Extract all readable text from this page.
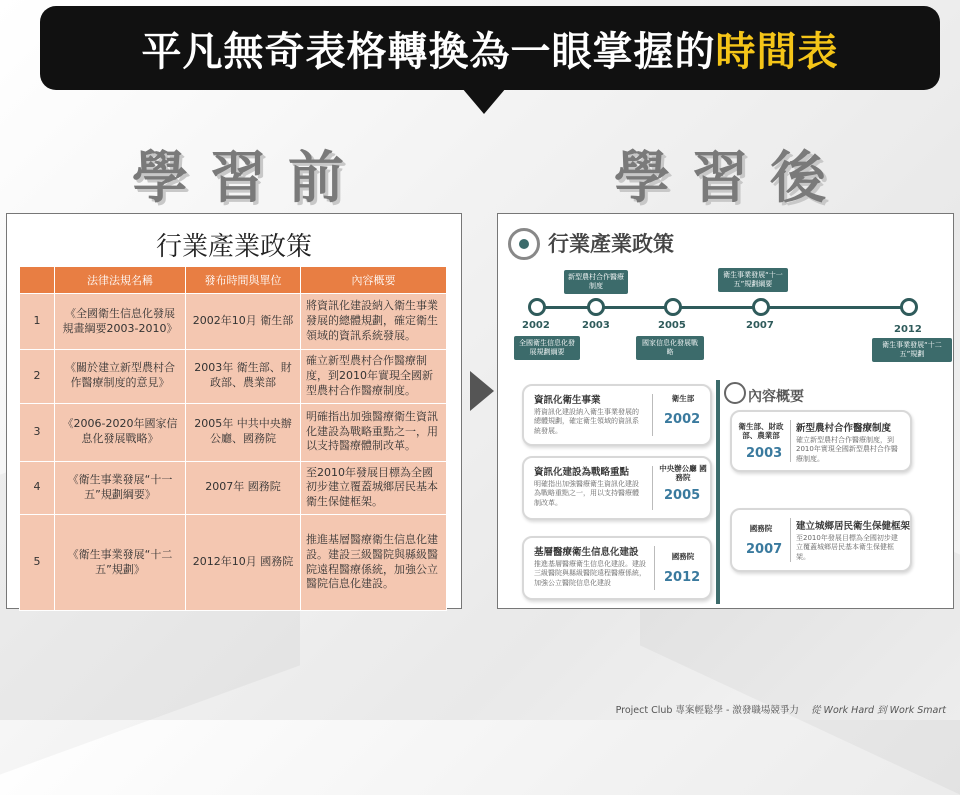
平凡無奇表格轉換為一眼掌握的時間表
學習前	學習後
行業產業政策
	法律法規名稱	發布時間與單位	內容概要
1	《全國衛生信息化發展規畫綱要2003-2010》	2002年10月 衛生部	將資訊化建設納入衛生事業發展的總體規劃，確定衛生領域的資訊系統發展。
2	《關於建立新型農村合作醫療制度的意見》	2003年 衛生部、財政部、農業部	確立新型農村合作醫療制度，到2010年實現全國新型農村合作醫療制度。
3	《2006-2020年國家信息化發展戰略》	2005年 中共中央辦公廳、國務院	明確指出加強醫療衛生資訊化建設為戰略重點之一，用以支持醫療體制改革。
4	《衛生事業發展“十一五”規劃綱要》	2007年 國務院	至2010年發展目標為全國初步建立覆蓋城鄉居民基本衛生保健框架。
5	《衛生事業發展“十二五”規劃》	2012年10月 國務院	推進基層醫療衛生信息化建設。建設三級醫院與縣級醫院遠程醫療係統，加強公立醫院信息化建設。
行業產業政策
2002	2003	2005	2007	2012
新型農村合作醫療制度
衛生事業發展“十一五”規劃綱要
全國衛生信息化發展規劃綱要
國家信息化發展戰略
衛生事業發展“十二五”規劃
內容概要
資訊化衛生事業
將資訊化建設納入衛生事業發展的總體規劃，確定衛生領域的資訊系統發展。
衛生部
2002
資訊化建設為戰略重點
明確指出加強醫療衛生資訊化建設為戰略重點之一，用以支持醫療體制改革。
中央辦公廳 國務院
2005
基層醫療衛生信息化建設
推進基層醫療衛生信息化建設。建設三級醫院與縣級醫院遠程醫療係統，加強公立醫院信息化建設
國務院
2012
衛生部、財政部、農業部
2003
新型農村合作醫療制度
確立新型農村合作醫療制度，到2010年實現全國新型農村合作醫療制度。
國務院
2007
建立城鄉居民衛生保健框架
至2010年發展目標為全國初步建立覆蓋城鄉居民基本衛生保健框架。
Project Club 專案輕鬆學 - 激發職場競爭力 從 Work Hard 到 Work Smart
